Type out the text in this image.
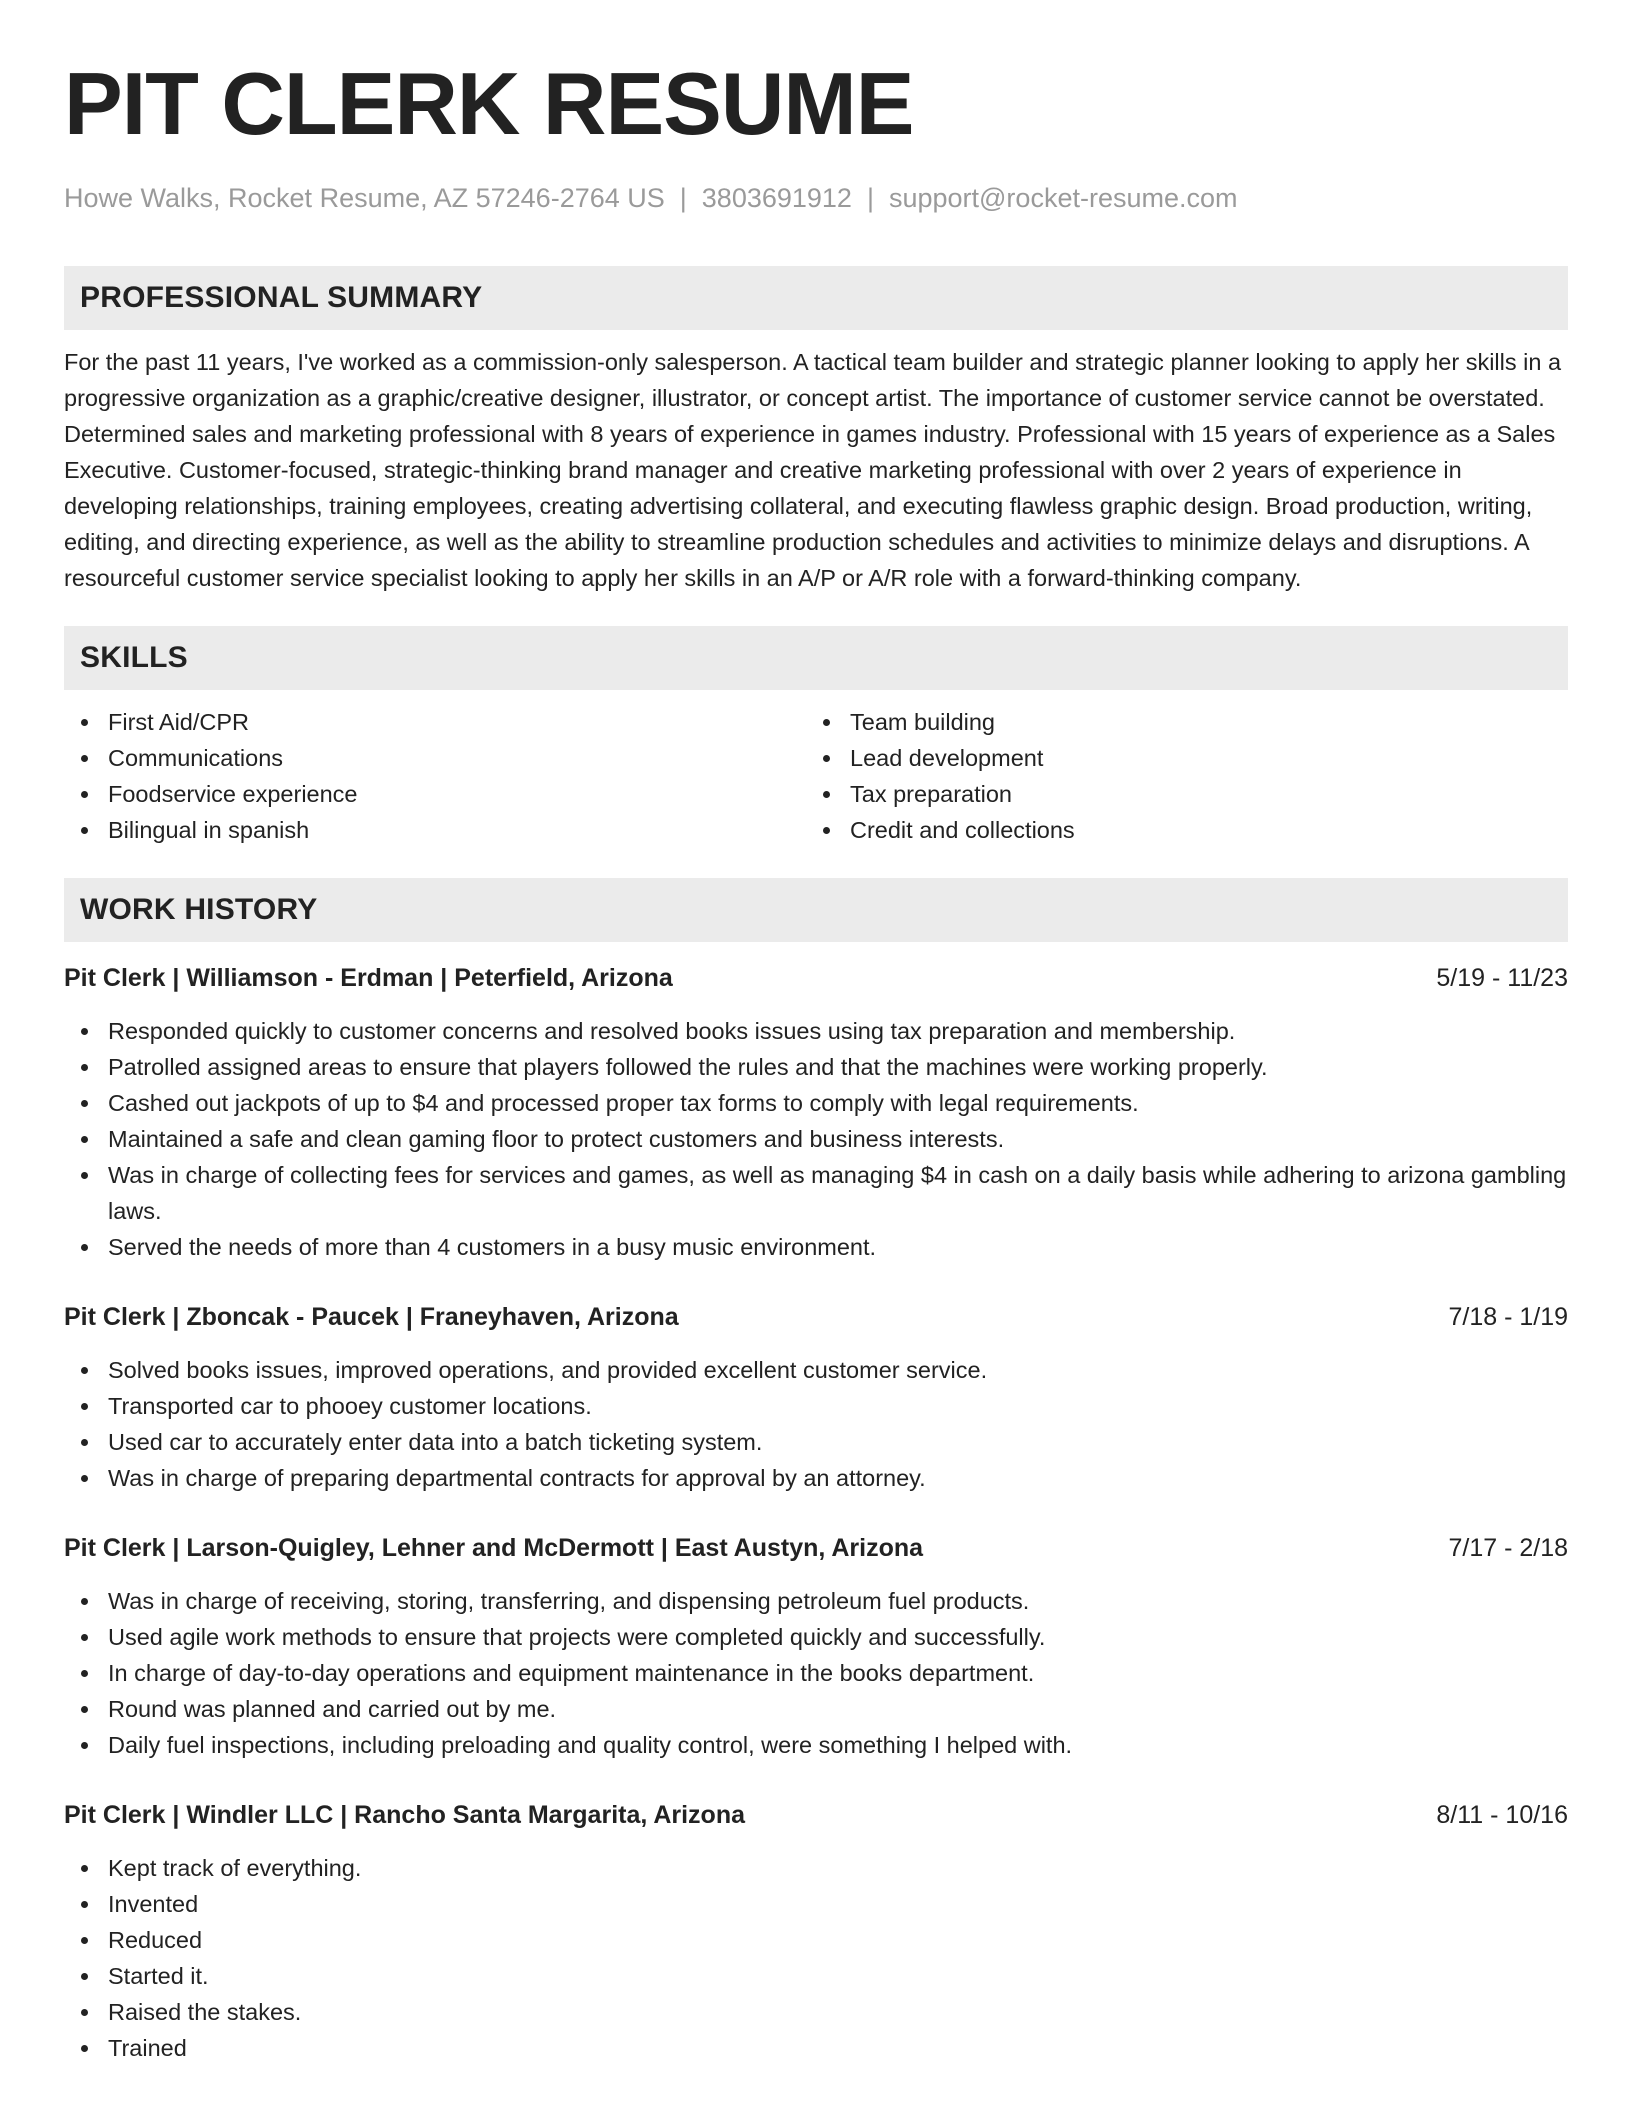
PIT CLERK RESUME
Howe Walks, Rocket Resume, AZ 57246-2764 US | 3803691912 | support@rocket-resume.com
PROFESSIONAL SUMMARY

For the past 11 years, I've worked as a commission-only salesperson. A tactical team builder and strategic planner looking to apply her skills in a progressive organization as a graphic/creative designer, illustrator, or concept artist. The importance of customer service cannot be overstated. Determined sales and marketing professional with 8 years of experience in games industry. Professional with 15 years of experience as a Sales Executive. Customer-focused, strategic-thinking brand manager and creative marketing professional with over 2 years of experience in developing relationships, training employees, creating advertising collateral, and executing flawless graphic design. Broad production, writing, editing, and directing experience, as well as the ability to streamline production schedules and activities to minimize delays and disruptions. A resourceful customer service specialist looking to apply her skills in an A/P or A/R role with a forward-thinking company.

SKILLS
First Aid/CPR
Communications
Foodservice experience
Bilingual in spanish
Team building
Lead development
Tax preparation
Credit and collections
WORK HISTORY
Pit Clerk | Williamson - Erdman | Peterfield, Arizona	5/19 - 11/23
Responded quickly to customer concerns and resolved books issues using tax preparation and membership.
Patrolled assigned areas to ensure that players followed the rules and that the machines were working properly.
Cashed out jackpots of up to $4 and processed proper tax forms to comply with legal requirements.
Maintained a safe and clean gaming floor to protect customers and business interests.
Was in charge of collecting fees for services and games, as well as managing $4 in cash on a daily basis while adhering to arizona gambling laws.
Served the needs of more than 4 customers in a busy music environment.
Pit Clerk | Zboncak - Paucek | Franeyhaven, Arizona	7/18 - 1/19
Solved books issues, improved operations, and provided excellent customer service.
Transported car to phooey customer locations.
Used car to accurately enter data into a batch ticketing system.
Was in charge of preparing departmental contracts for approval by an attorney.
Pit Clerk | Larson-Quigley, Lehner and McDermott | East Austyn, Arizona	7/17 - 2/18
Was in charge of receiving, storing, transferring, and dispensing petroleum fuel products.
Used agile work methods to ensure that projects were completed quickly and successfully.
In charge of day-to-day operations and equipment maintenance in the books department.
Round was planned and carried out by me.
Daily fuel inspections, including preloading and quality control, were something I helped with.
Pit Clerk | Windler LLC | Rancho Santa Margarita, Arizona	8/11 - 10/16
Kept track of everything.
Invented
Reduced
Started it.
Raised the stakes.
Trained
